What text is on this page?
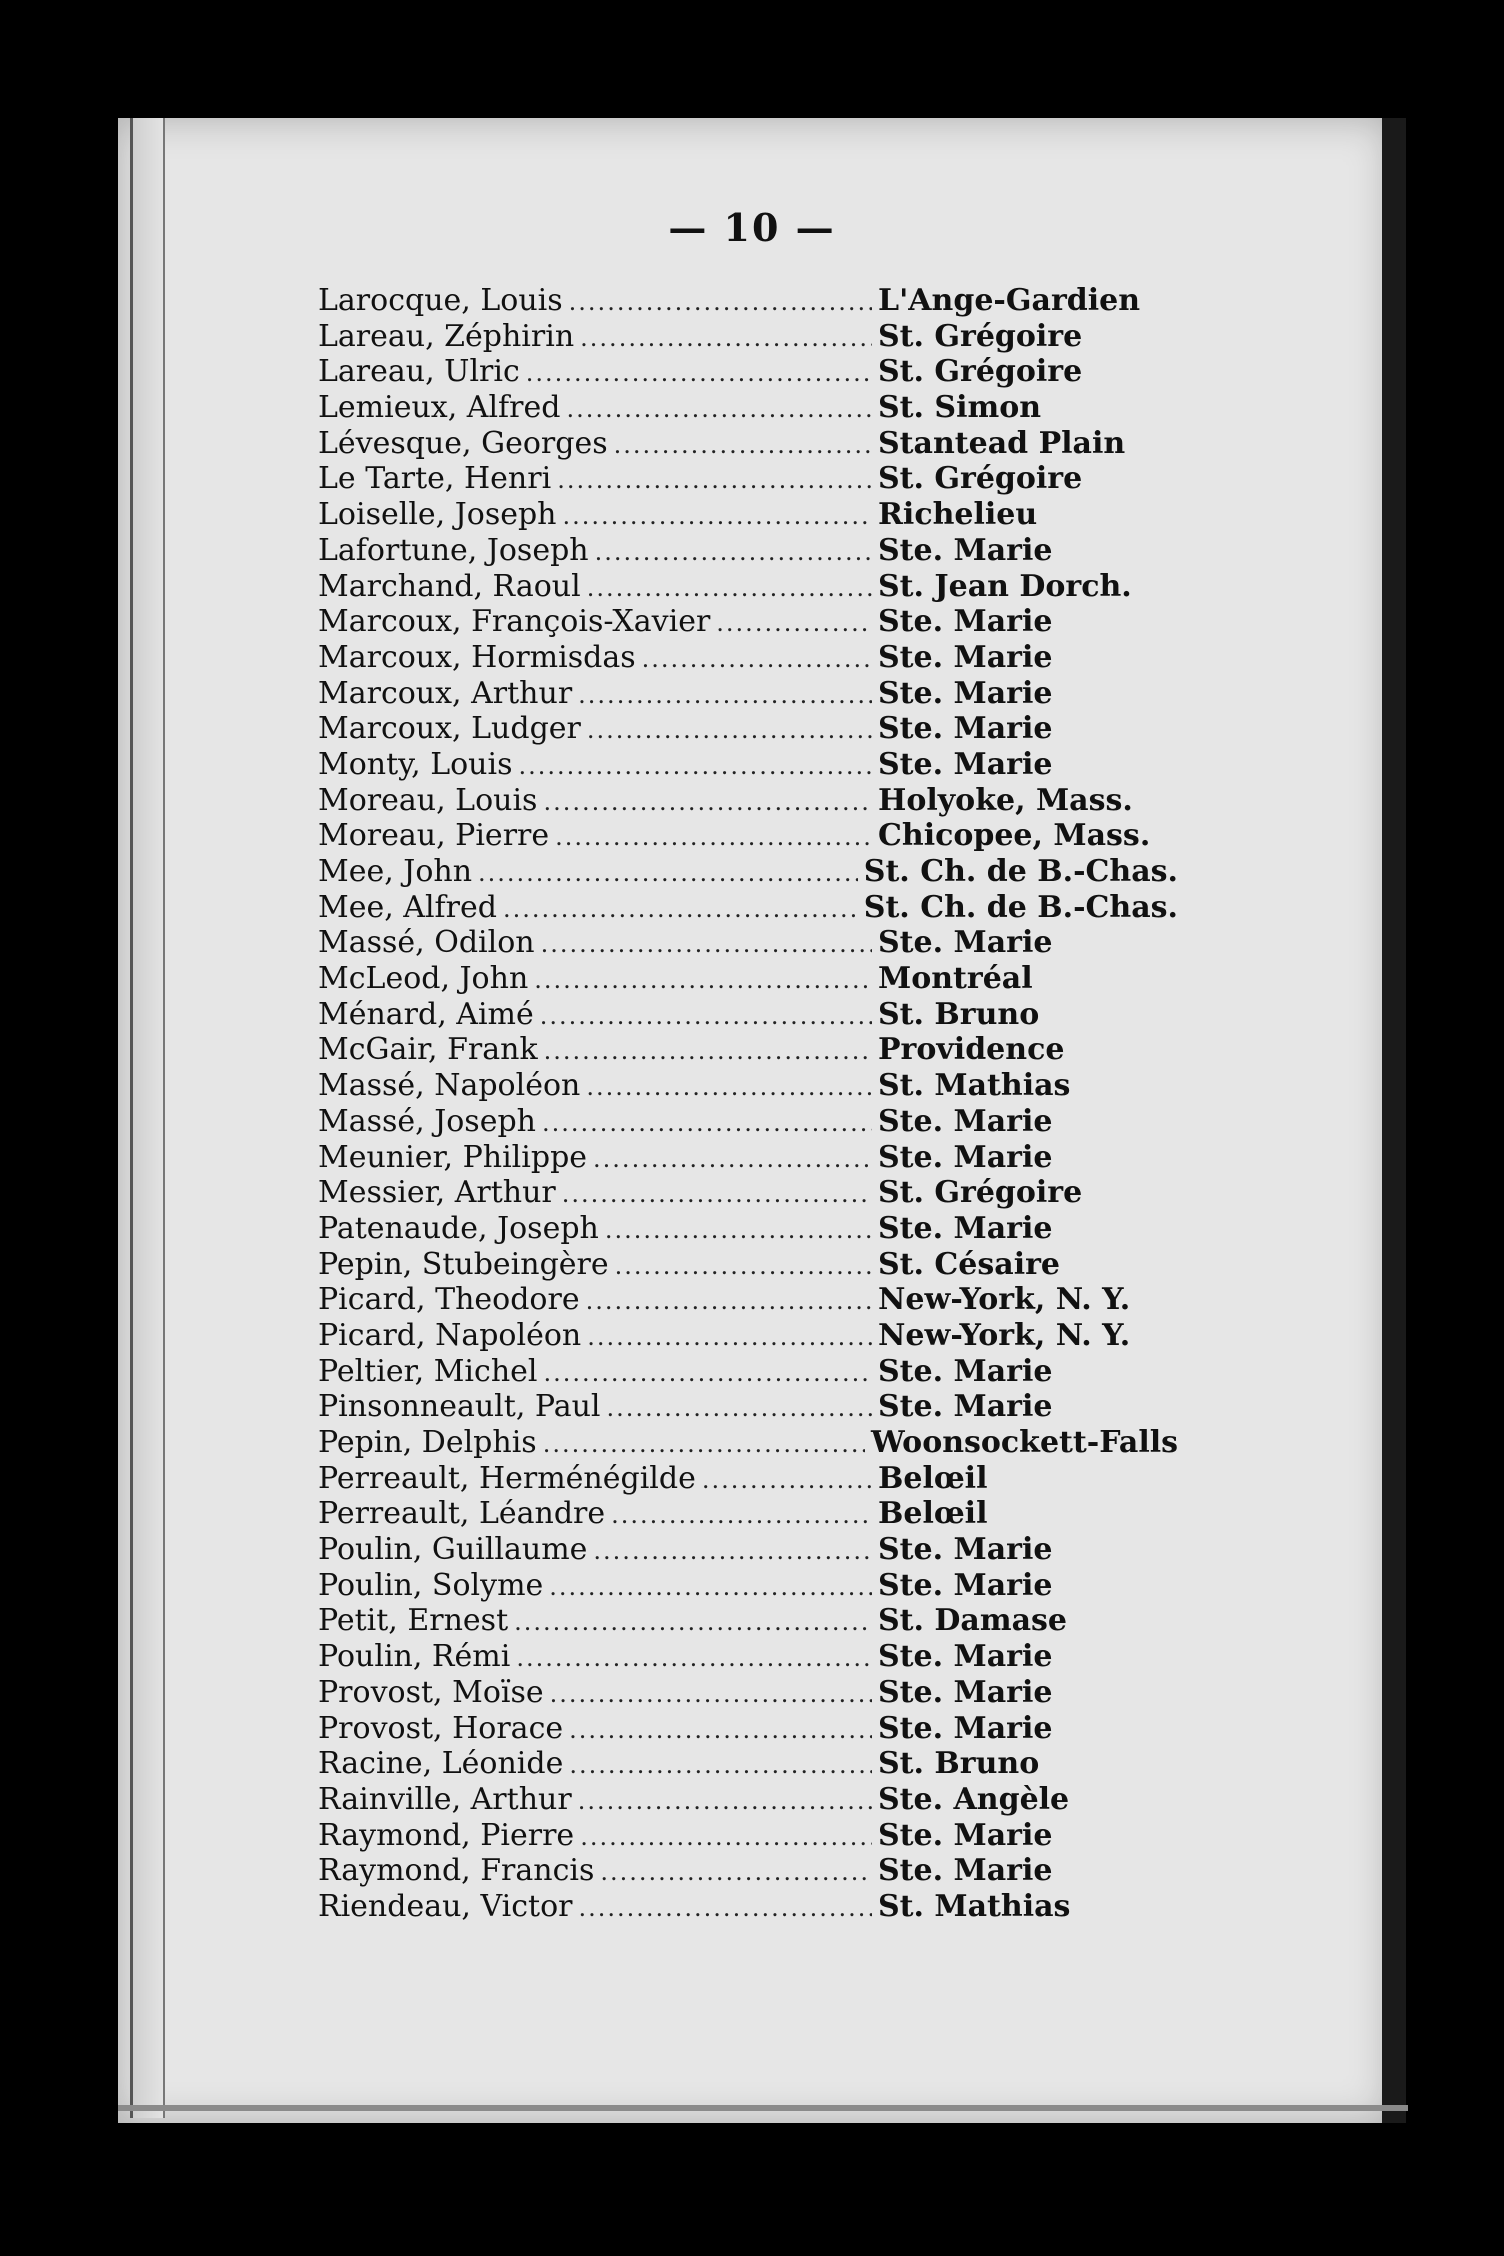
— 10 —
Larocque, Louis .....	L'Ange-Gardien
Lareau, Zéphirin .....	St. Grégoire
Lareau, Ulric .....	St. Grégoire
Lemieux, Alfred .....	St. Simon
Lévesque, Georges .....	Stantead Plain
Le Tarte, Henri .....	St. Grégoire
Loiselle, Joseph .....	Richelieu
Lafortune, Joseph .....	Ste. Marie
Marchand, Raoul .....	St. Jean Dorch.
Marcoux, François-Xavier .....	Ste. Marie
Marcoux, Hormisdas .....	Ste. Marie
Marcoux, Arthur .....	Ste. Marie
Marcoux, Ludger .....	Ste. Marie
Monty, Louis .....	Ste. Marie
Moreau, Louis .....	Holyoke, Mass.
Moreau, Pierre .....	Chicopee, Mass.
Mee, John .....	St. Ch. de B.-Chas.
Mee, Alfred .....	St. Ch. de B.-Chas.
Massé, Odilon .....	Ste. Marie
McLeod, John .....	Montréal
Ménard, Aimé .....	St. Bruno
McGair, Frank .....	Providence
Massé, Napoléon .....	St. Mathias
Massé, Joseph .....	Ste. Marie
Meunier, Philippe .....	Ste. Marie
Messier, Arthur .....	St. Grégoire
Patenaude, Joseph .....	Ste. Marie
Pepin, Stubeingère .....	St. Césaire
Picard, Theodore .....	New-York, N. Y.
Picard, Napoléon .....	New-York, N. Y.
Peltier, Michel .....	Ste. Marie
Pinsonneault, Paul .....	Ste. Marie
Pepin, Delphis .....	Woonsockett-Falls
Perreault, Herménégilde .....	Belœil
Perreault, Léandre .....	Belœil
Poulin, Guillaume .....	Ste. Marie
Poulin, Solyme .....	Ste. Marie
Petit, Ernest .....	St. Damase
Poulin, Rémi .....	Ste. Marie
Provost, Moïse .....	Ste. Marie
Provost, Horace .....	Ste. Marie
Racine, Léonide .....	St. Bruno
Rainville, Arthur .....	Ste. Angèle
Raymond, Pierre .....	Ste. Marie
Raymond, Francis .....	Ste. Marie
Riendeau, Victor .....	St. Mathias
